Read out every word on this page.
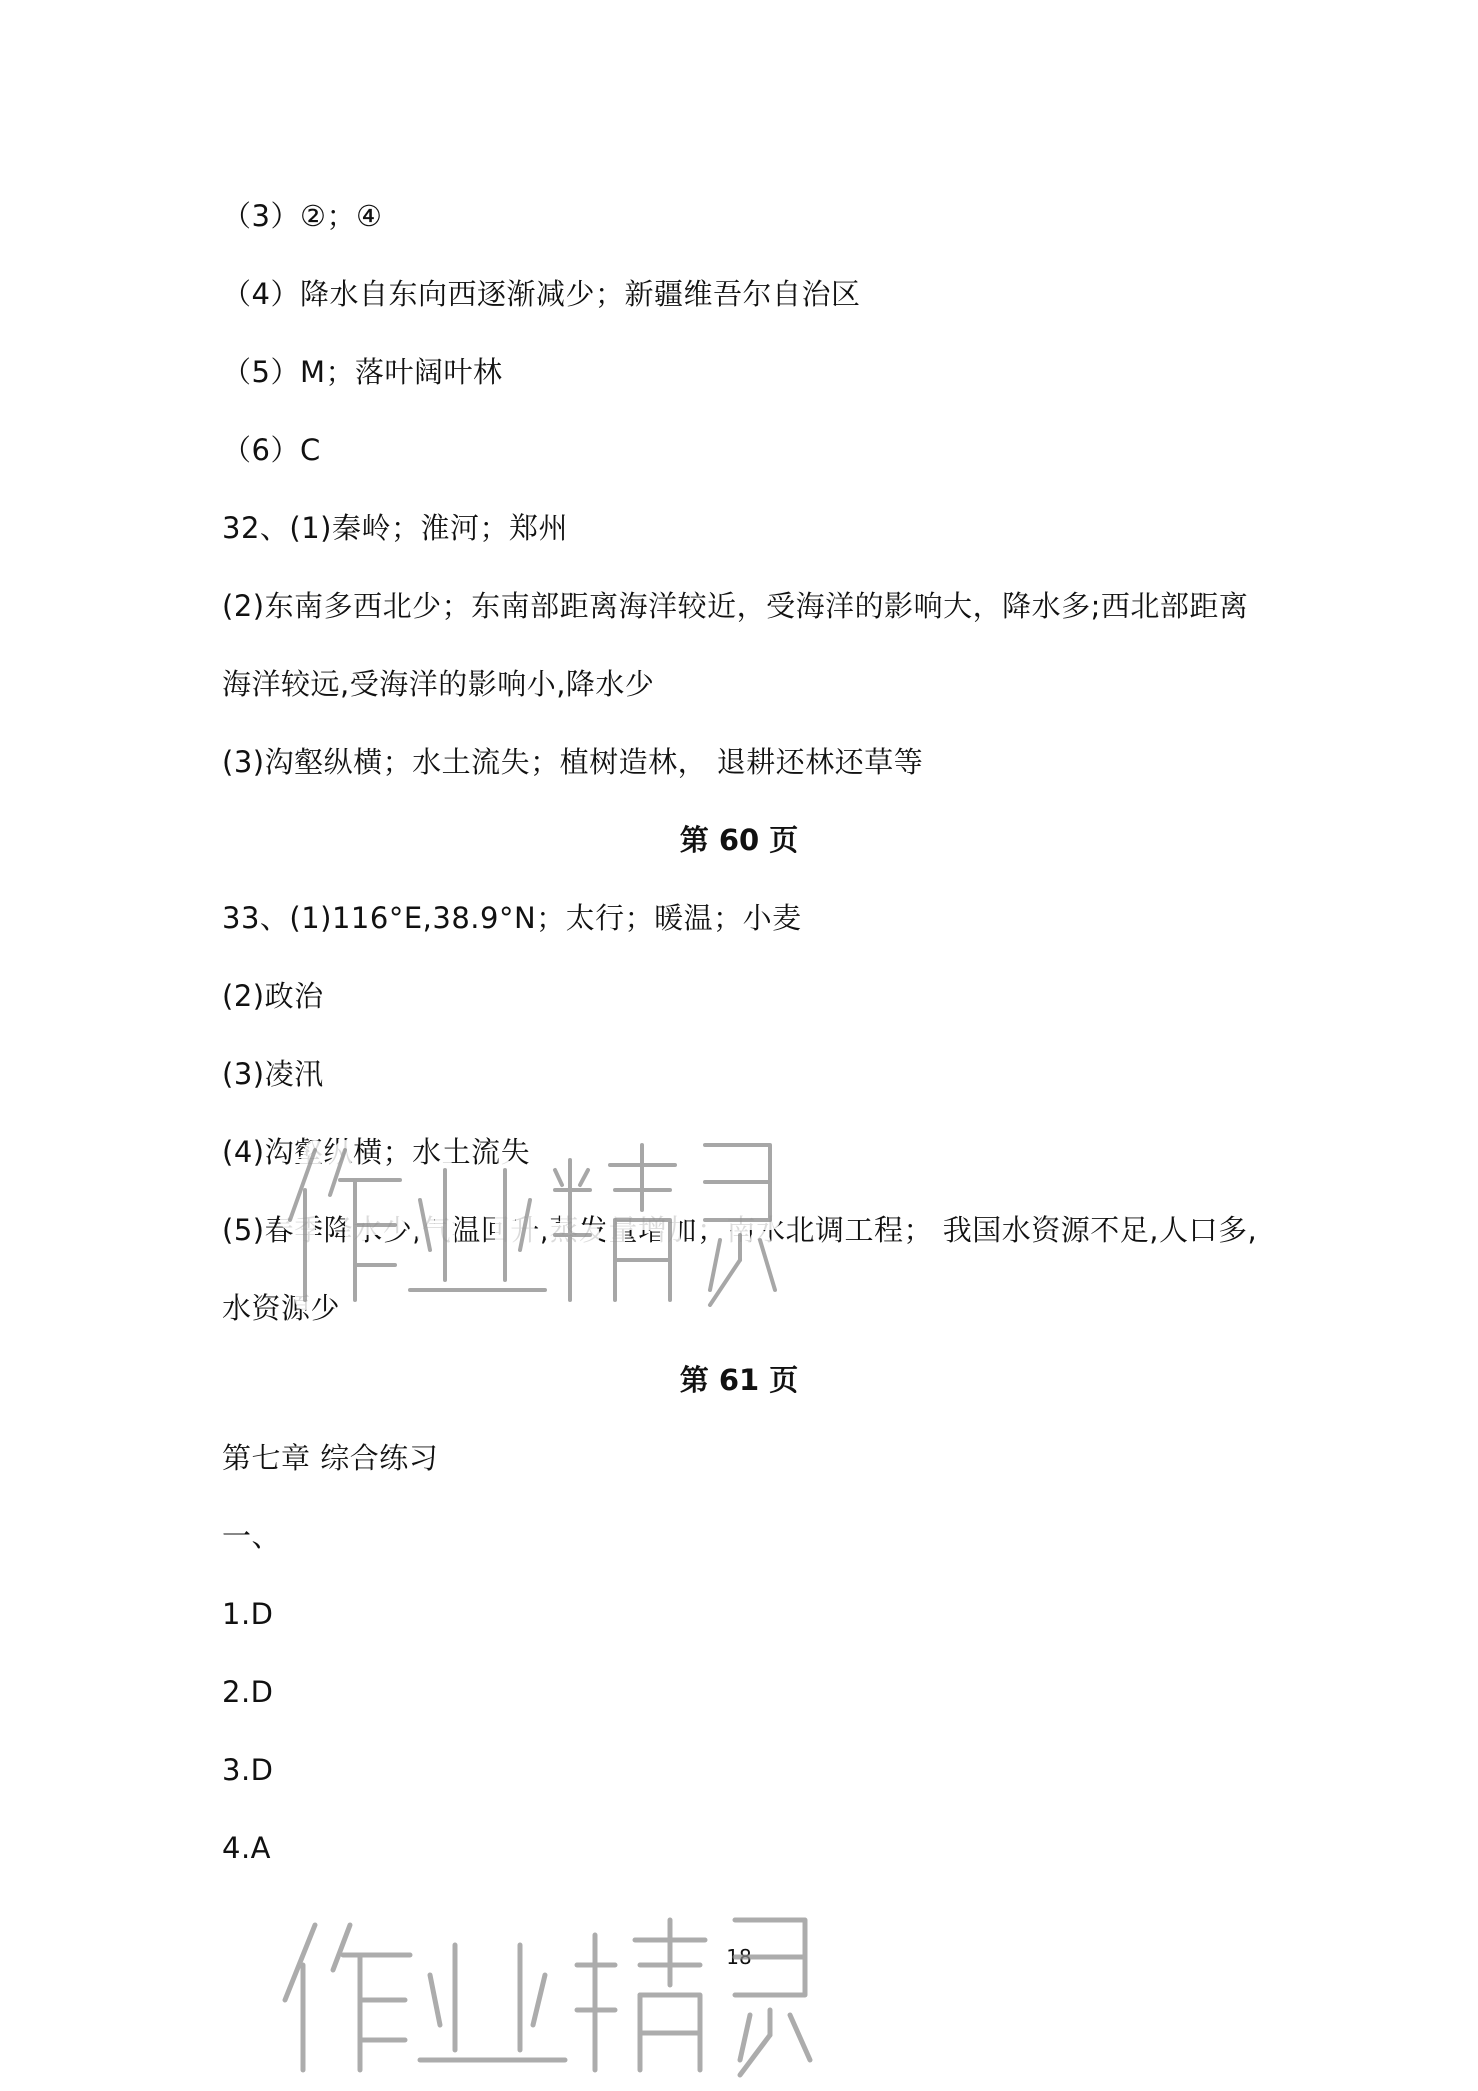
（3）②；④
（4）降水自东向西逐渐减少；新疆维吾尔自治区
（5）M；落叶阔叶林
（6）C
32、(1)秦岭；淮河；郑州
(2)东南多西北少；东南部距离海洋较近，受海洋的影响大，降水多;西北部距离
海洋较远,受海洋的影响小,降水少
(3)沟壑纵横；水土流失；植树造林， 退耕还林还草等
第 60 页
33、(1)116°E,38.9°N；太行；暖温；小麦
(2)政治
(3)凌汛
(4)沟壑纵横；水土流失
(5)春季降水少,气温回升,蒸发量增加；南水北调工程； 我国水资源不足,人口多,
水资源少
第 61 页
第七章 综合练习
一、
1.D
2.D
3.D
4.A
18
